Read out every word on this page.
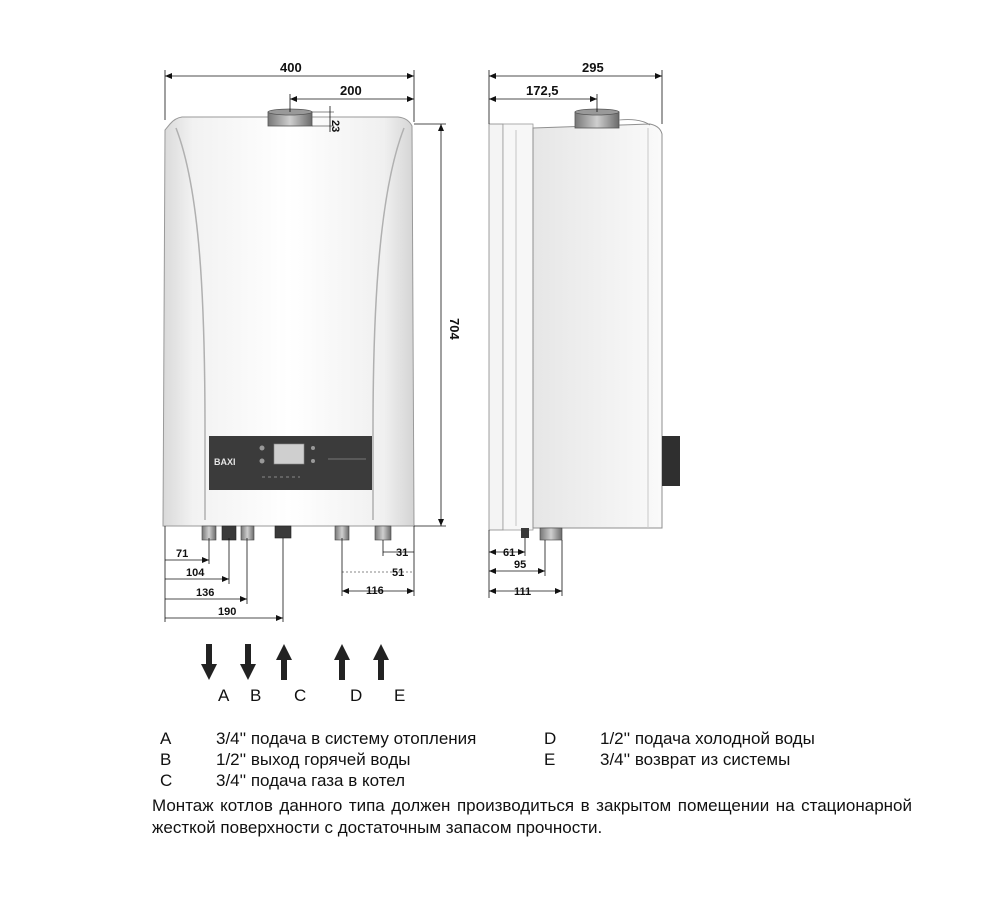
BAXI
400
200
23
704
71
104
136
190
31
51
116
295
172,5
61
95
111
A B C	D E
A	3/4'' подача в систему отопления	D	1/2'' подача холодной воды
B	1/2'' выход горячей воды	E	3/4'' возврат из системы
C	3/4'' подача газа в котел
Монтаж котлов данного типа должен производиться в закрытом помещении на стационарной жесткой поверхности с достаточным запасом прочности.
